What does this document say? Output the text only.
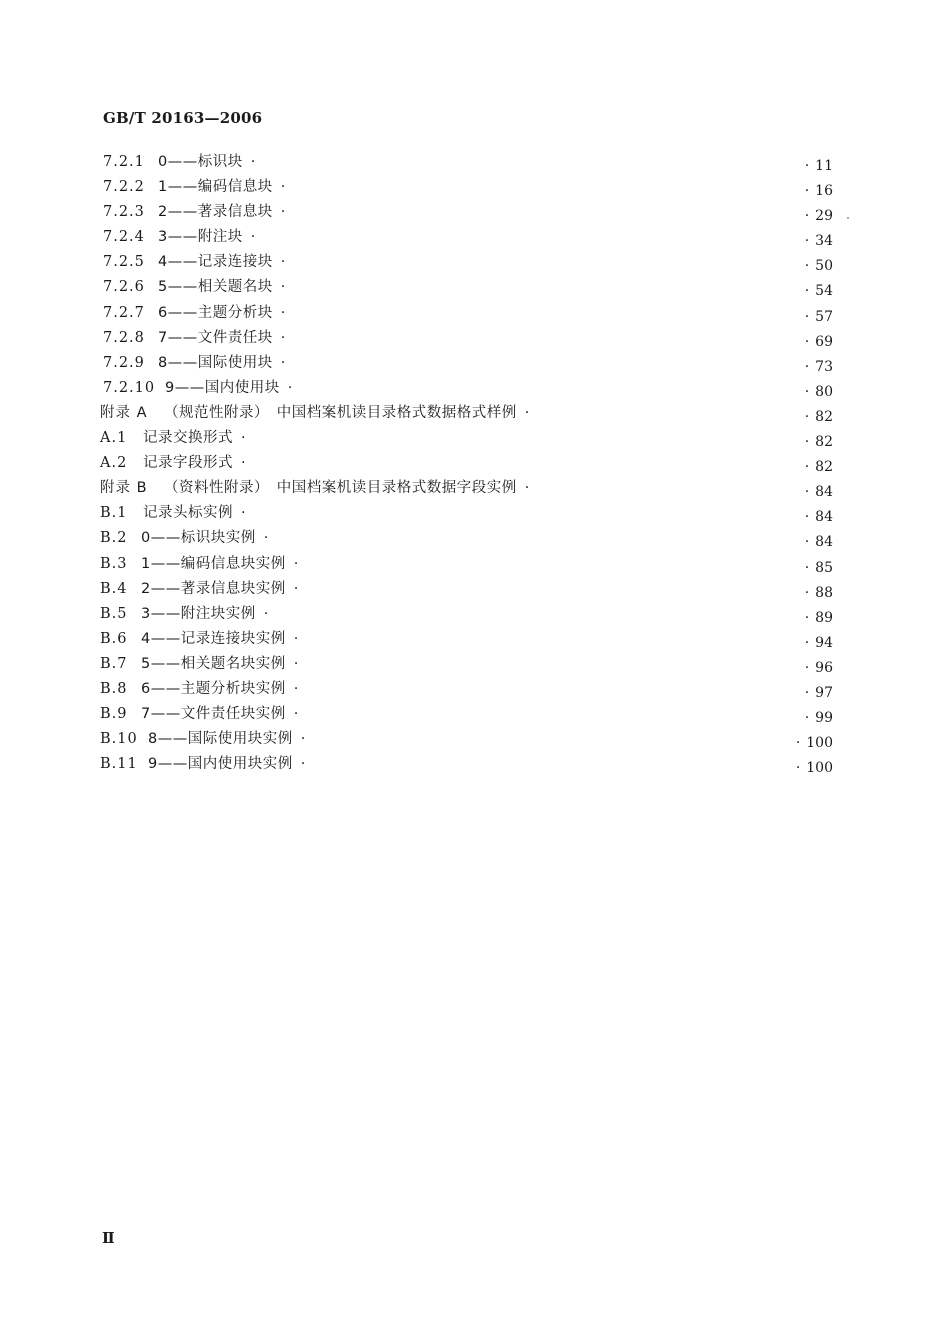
GB/T 20163—2006
7.2.1 0——标识块 ·	· 11
7.2.2 1——编码信息块 ·	· 16
7.2.3 2——著录信息块 ·	· 29
7.2.4 3——附注块 ·	· 34
7.2.5 4——记录连接块 ·	· 50
7.2.6 5——相关题名块 ·	· 54
7.2.7 6——主题分析块 ·	· 57
7.2.8 7——文件责任块 ·	· 69
7.2.9 8——国际使用块 ·	· 73
7.2.10 9——国内使用块 ·	· 80
附录 A （规范性附录）　中国档案机读目录格式数据格式样例 ·	· 82
A.1 记录交换形式 ·	· 82
A.2 记录字段形式 ·	· 82
附录 B （资料性附录）　中国档案机读目录格式数据字段实例 ·	· 84
B.1 记录头标实例 ·	· 84
B.2 0——标识块实例 ·	· 84
B.3 1——编码信息块实例 ·	· 85
B.4 2——著录信息块实例 ·	· 88
B.5 3——附注块实例 ·	· 89
B.6 4——记录连接块实例 ·	· 94
B.7 5——相关题名块实例 ·	· 96
B.8 6——主题分析块实例 ·	· 97
B.9 7——文件责任块实例 ·	· 99
B.10 8——国际使用块实例 ·	· 100
B.11 9——国内使用块实例 ·	· 100
Ⅱ
